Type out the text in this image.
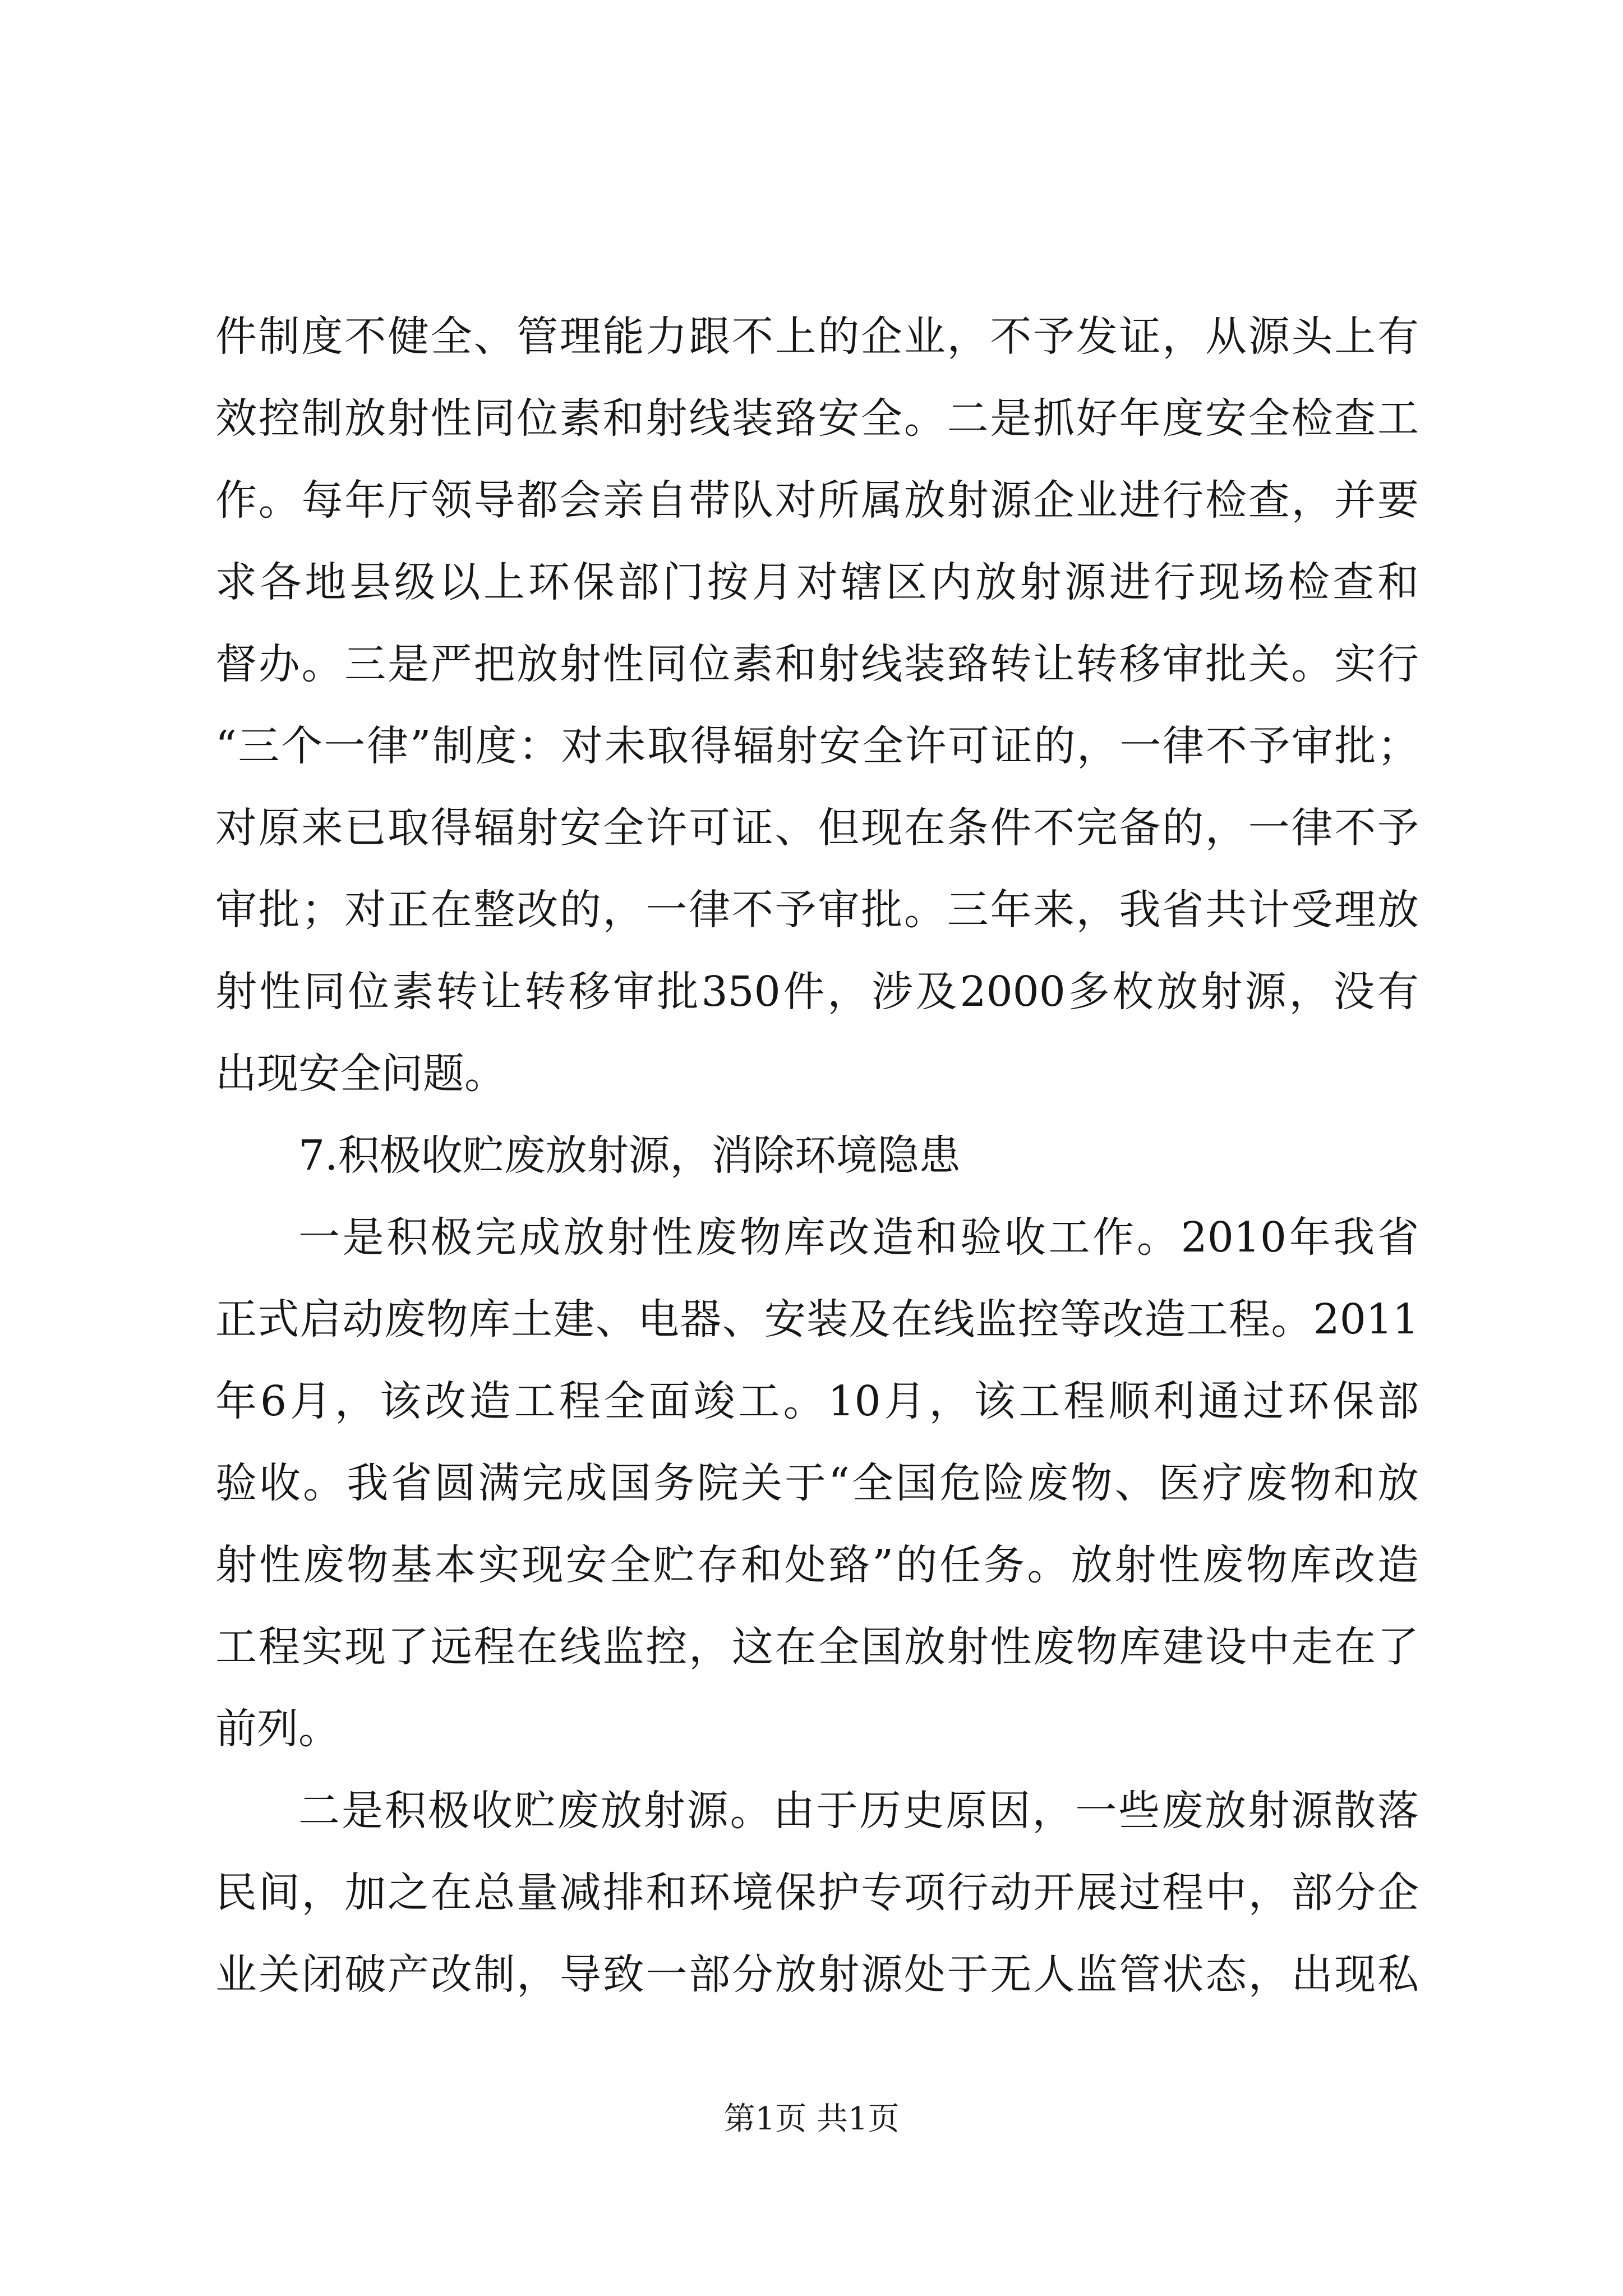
件制度不健全、管理能力跟不上的企业，不予发证，从源头上有
效控制放射性同位素和射线装臵安全。二是抓好年度安全检查工
作。每年厅领导都会亲自带队对所属放射源企业进行检查，并要
求各地县级以上环保部门按月对辖区内放射源进行现场检查和
督办。三是严把放射性同位素和射线装臵转让转移审批关。实行
“三个一律”制度：对未取得辐射安全许可证的，一律不予审批；
对原来已取得辐射安全许可证、但现在条件不完备的，一律不予
审批；对正在整改的，一律不予审批。三年来，我省共计受理放
射性同位素转让转移审批350件，涉及2000多枚放射源，没有
出现安全问题。
7.积极收贮废放射源，消除环境隐患
一是积极完成放射性废物库改造和验收工作。2010年我省
正式启动废物库土建、电器、安装及在线监控等改造工程。2011
年6月，该改造工程全面竣工。10月，该工程顺利通过环保部
验收。我省圆满完成国务院关于“全国危险废物、医疗废物和放
射性废物基本实现安全贮存和处臵”的任务。放射性废物库改造
工程实现了远程在线监控，这在全国放射性废物库建设中走在了
前列。
二是积极收贮废放射源。由于历史原因，一些废放射源散落
民间，加之在总量减排和环境保护专项行动开展过程中，部分企
业关闭破产改制，导致一部分放射源处于无人监管状态，出现私
第1页 共1页
